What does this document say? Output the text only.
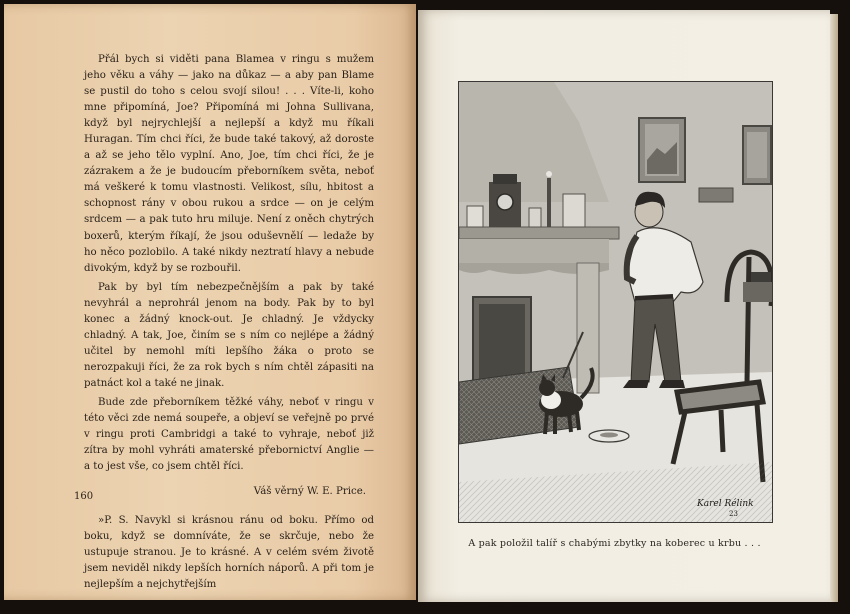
Přál bych si viděti pana Blamea v ringu s mužem jeho věku a váhy — jako na důkaz — a aby pan Blame se pustil do toho s celou svojí silou! . . . Víte-li, koho mne připomíná, Joe? Připomíná mi Johna Sullivana, když byl nejrychlejší a nejlepší a když mu říkali Huragan. Tím chci říci, že bude také takový, až doroste a až se jeho tělo vyplní. Ano, Joe, tím chci říci, že je zázrakem a že je budoucím přeborníkem světa, neboť má veškeré k tomu vlastnosti. Velikost, sílu, hbitost a schopnost rány v obou rukou a srdce — on je celým srdcem — a pak tuto hru miluje. Není z oněch chytrých boxerů, kterým říkají, že jsou oduševnělí — ledaže by ho něco pozlobilo. A také nikdy neztratí hlavy a nebude divokým, když by se rozbouřil.

Pak by byl tím nebezpečnějším a pak by také nevyhrál a neprohrál jenom na body. Pak by to byl konec a žádný knock-out. Je chladný. Je vždycky chladný. A tak, Joe, činím se s ním co nejlépe a žádný učitel by nemohl míti lepšího žáka o proto se nerozpakuji říci, že za rok bych s ním chtěl zápasiti na patnáct kol a také ne jinak.

Bude zde přeborníkem těžké váhy, neboť v ringu v této věci zde nemá soupeře, a objeví se veřejně po prvé v ringu proti Cambridgi a také to vyhraje, neboť již zítra by mohl vyhráti amaterské přebornictví Anglie — a to jest vše, co jsem chtěl říci.

Váš věrný W. E. Price.

»P. S. Navykl si krásnou ránu od boku. Přímo od boku, když se domníváte, že se skrčuje, nebo že ustupuje stranou. Je to krásné. A v celém svém životě jsem neviděl nikdy lepších horních náporů. A při tom je nejlepším a nejchytřejším

160
Karel Rélink
23
A pak položil talíř s chabými zbytky na koberec u krbu . . .
